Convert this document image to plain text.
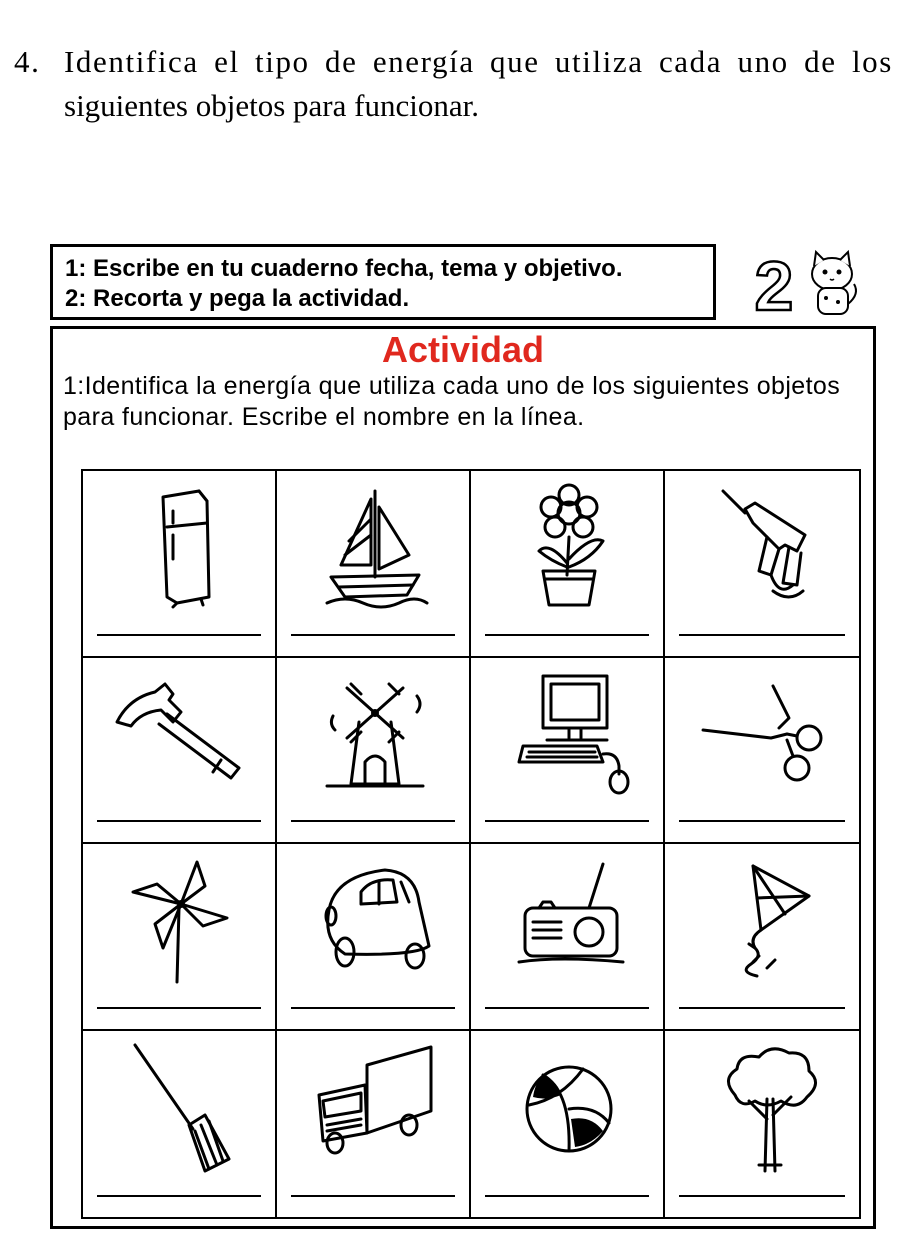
4. Identifica el tipo de energía que utiliza cada uno de los
siguientes objetos para funcionar.
1: Escribe en tu cuaderno fecha, tema y objetivo.
2: Recorta y pega la actividad.	2
Actividad
1:Identifica la energía que utiliza cada uno de los siguientes objetos para funcionar. Escribe el nombre en la línea.
